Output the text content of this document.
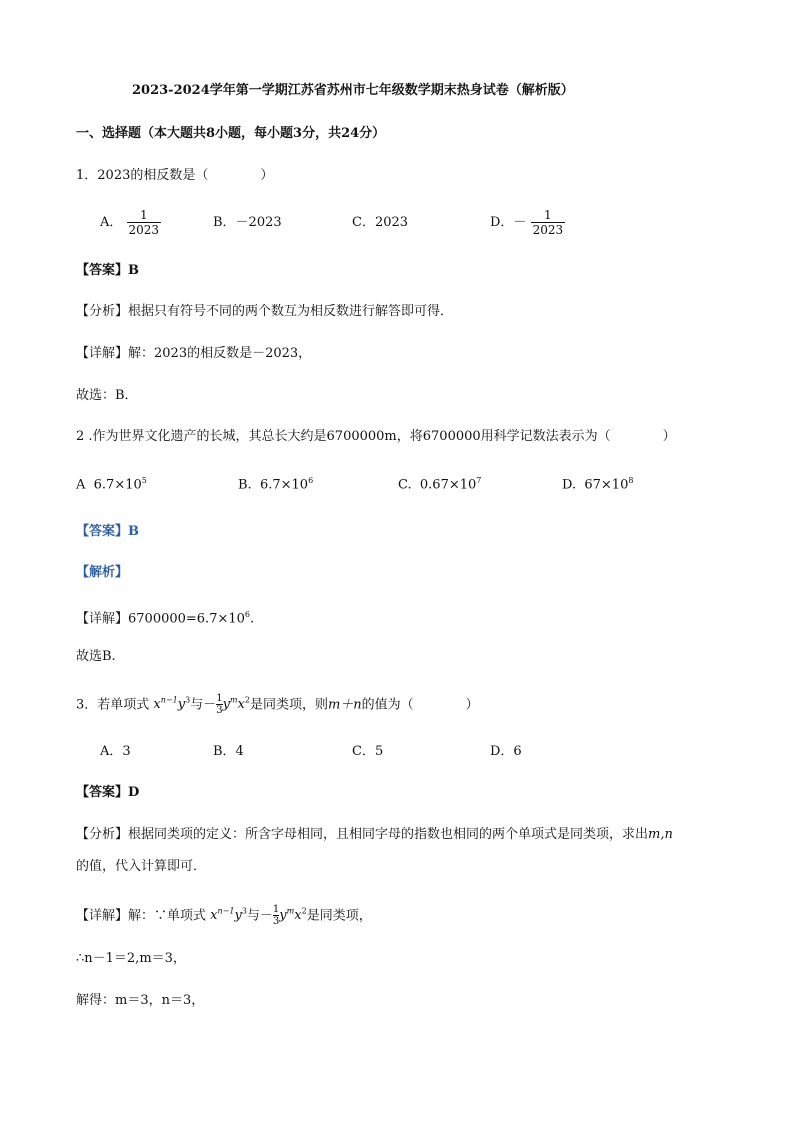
2023-2024学年第一学期江苏省苏州市七年级数学期末热身试卷（解析版）
一、选择题（本大题共8小题，每小题3分，共24分）
1．2023的相反数是（　　　　）
A． $\frac{1}{2023}$	B．－2023	C．2023	D．－ $\frac{1}{2023}$
【答案】B
【分析】根据只有符号不同的两个数互为相反数进行解答即可得．
【详解】解：2023的相反数是－2023，
故选：B．
2 .作为世界文化遗产的长城，其总长大约是6700000m，将6700000用科学记数法表示为（　　　　）
A $6.7\times 10^5$	B. $6.7\times 10^6$	C. $0.67\times 10^7$	D. $67\times 10^8$
【答案】B
【解析】
【详解】$6700000=6.7\times 10^6$.
故选B.
3．若单项式 $x^{n-1}y^3$与－ $\frac{1}{3} y^mx^2$是同类项，则m＋n的值为（　　　　）
A．3	B．4	C．5	D．6
【答案】D
【分析】根据同类项的定义：所含字母相同，且相同字母的指数也相同的两个单项式是同类项，求出m,n
的值，代入计算即可．
【详解】解：∵单项式 $x^{n-1}y^3$与－ $\frac{1}{3} y^mx^2$是同类项，
∴n－1＝2,m＝3，
解得：m＝3，n＝3，
